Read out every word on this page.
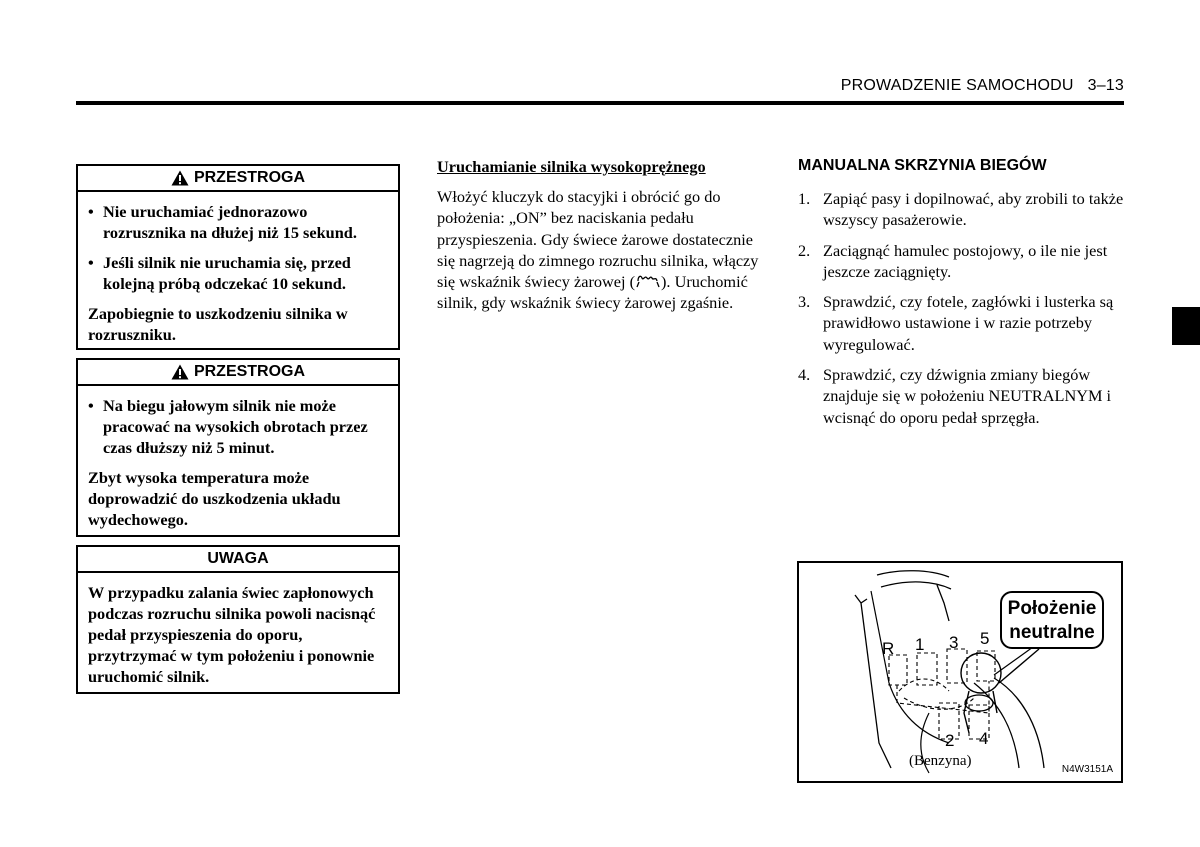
PROWADZENIE SAMOCHODU   3–13
PRZESTROGA
• Nie uruchamiać jednorazowo rozrusznika na dłużej niż 15 sekund.
• Jeśli silnik nie uruchamia się, przed kolejną próbą odczekać 10 sekund.
Zapobiegnie to uszkodzeniu silnika w rozruszniku.
PRZESTROGA
• Na biegu jałowym silnik nie może pracować na wysokich obrotach przez czas dłuższy niż 5 minut.
Zbyt wysoka temperatura może doprowadzić do uszkodzenia układu wydechowego.
UWAGA
W przypadku zalania świec zapłonowych podczas rozruchu silnika powoli nacisnąć pedał przyspieszenia do oporu, przytrzymać w tym położeniu i ponownie uruchomić silnik.
Uruchamianie silnika wysokoprężnego
Włożyć kluczyk do stacyjki i obrócić go do położenia: „ON” bez naciskania pedału przyspieszenia. Gdy świece żarowe dostatecznie się nagrzeją do zimnego rozruchu silnika, włączy się wskaźnik świecy żarowej ( ). Uruchomić silnik, gdy wskaźnik świecy żarowej zgaśnie.
MANUALNA SKRZYNIA BIEGÓW
1. Zapiąć pasy i dopilnować, aby zrobili to także wszyscy pasażerowie.
2. Zaciągnąć hamulec postojowy, o ile nie jest jeszcze zaciągnięty.
3. Sprawdzić, czy fotele, zagłówki i lusterka są prawidłowo ustawione i w razie potrzeby wyregulować.
4. Sprawdzić, czy dźwignia zmiany biegów znajduje się w położeniu NEUTRALNYM i wcisnąć do oporu pedał sprzęgła.
R 1 3 5
2 4
Położenie
neutralne
(Benzyna)
N4W3151A
